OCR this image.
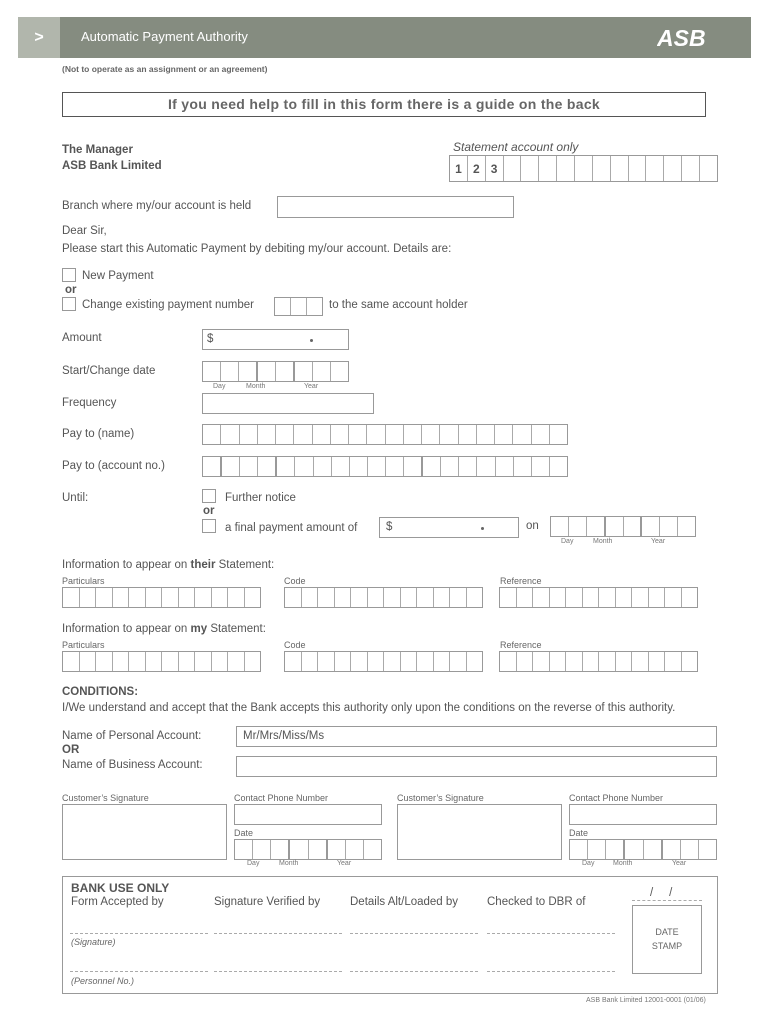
>	Automatic Payment Authority	ASB
(Not to operate as an assignment or an agreement)
If you need help to fill in this form there is a guide on the back
The Manager
ASB Bank Limited
Statement account only
1 2 3
Branch where my/our account is held
Dear Sir,
Please start this Automatic Payment by debiting my/our account. Details are:
New Payment
or
Change existing payment number	to the same account holder
Amount	$
Start/Change date
Day	Month	Year
Frequency
Pay to (name)
Pay to (account no.)
Until:	Further notice
or
a final payment amount of $	on
Day	Month	Year
Information to appear on their Statement:
Particulars	Code	Reference
Information to appear on my Statement:
Particulars	Code	Reference
CONDITIONS:
I/We understand and accept that the Bank accepts this authority only upon the conditions on the reverse of this authority.
Name of Personal Account:	Mr/Mrs/Miss/Ms
OR
Name of Business Account:
Customer’s Signature	Contact Phone Number	Customer’s Signature	Contact Phone Number
Date	Date
Day	Month	Year	Day	Month	Year
BANK USE ONLY
Form Accepted by	Signature Verified by	Details Alt/Loaded by	Checked to DBR of
/     /
(Signature)
(Personnel No.)
DATE
STAMP
ASB Bank Limited 12001-0001 (01/06)
